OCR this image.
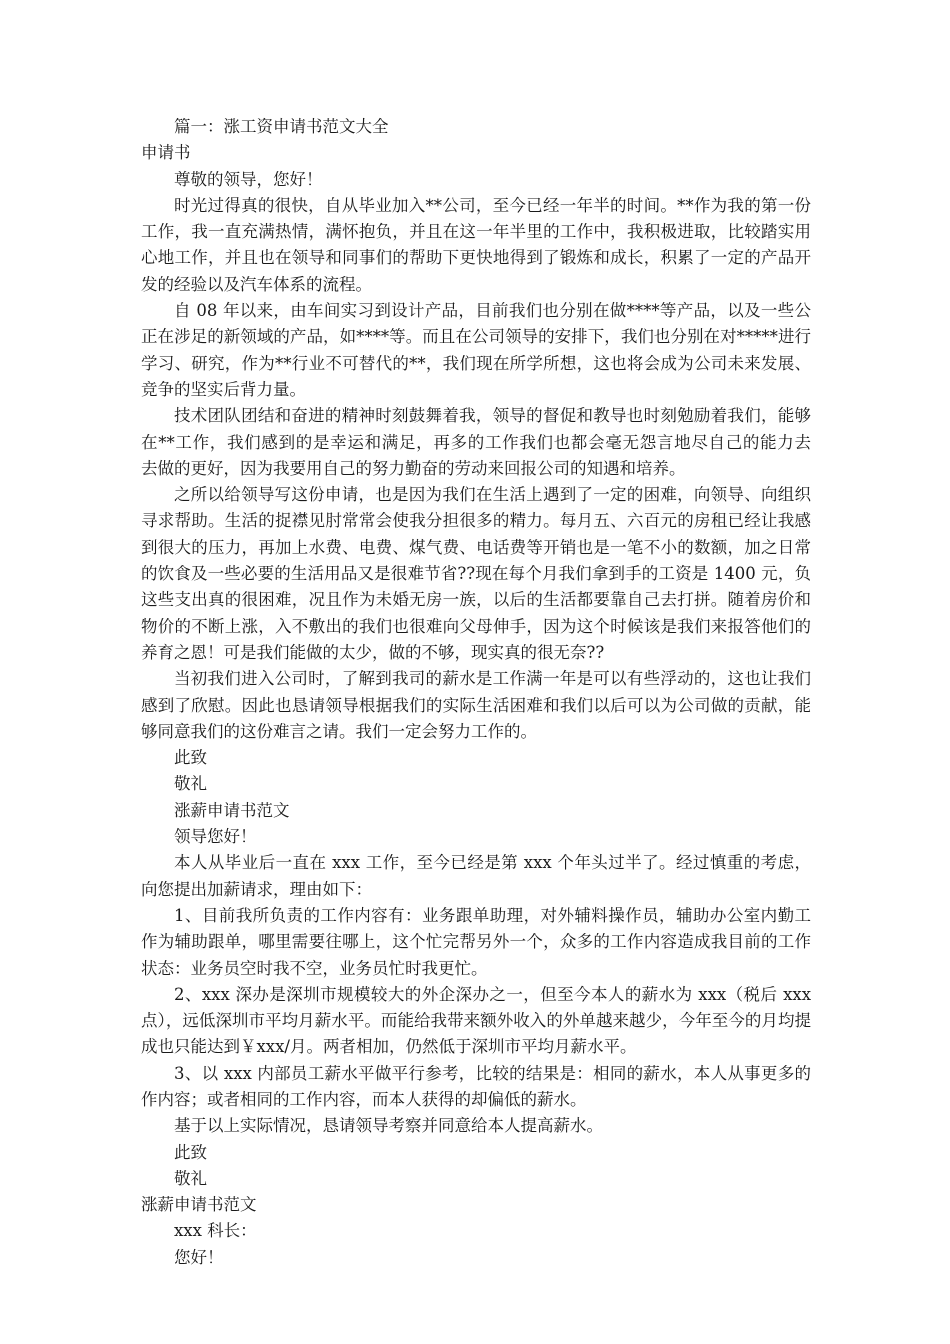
篇一：涨工资申请书范文大全
申请书
尊敬的领导，您好！
时光过得真的很快，自从毕业加入**公司，至今已经一年半的时间。**作为我的第一份
工作，我一直充满热情，满怀抱负，并且在这一年半里的工作中，我积极进取，比较踏实用
心地工作，并且也在领导和同事们的帮助下更快地得到了锻炼和成长，积累了一定的产品开
发的经验以及汽车体系的流程。
自 08 年以来，由车间实习到设计产品，目前我们也分别在做****等产品，以及一些公
正在涉足的新领域的产品，如****等。而且在公司领导的安排下，我们也分别在对*****进行
学习、研究，作为**行业不可替代的**，我们现在所学所想，这也将会成为公司未来发展、
竞争的坚实后背力量。
技术团队团结和奋进的精神时刻鼓舞着我，领导的督促和教导也时刻勉励着我们，能够
在**工作，我们感到的是幸运和满足，再多的工作我们也都会毫无怨言地尽自己的能力去
去做的更好，因为我要用自己的努力勤奋的劳动来回报公司的知遇和培养。
之所以给领导写这份申请，也是因为我们在生活上遇到了一定的困难，向领导、向组织
寻求帮助。生活的捉襟见肘常常会使我分担很多的精力。每月五、六百元的房租已经让我感
到很大的压力，再加上水费、电费、煤气费、电话费等开销也是一笔不小的数额，加之日常
的饮食及一些必要的生活用品又是很难节省??现在每个月我们拿到手的工资是 1400 元，负
这些支出真的很困难，况且作为未婚无房一族，以后的生活都要靠自己去打拼。随着房价和
物价的不断上涨，入不敷出的我们也很难向父母伸手，因为这个时候该是我们来报答他们的
养育之恩！可是我们能做的太少，做的不够，现实真的很无奈??
当初我们进入公司时，了解到我司的薪水是工作满一年是可以有些浮动的，这也让我们
感到了欣慰。因此也恳请领导根据我们的实际生活困难和我们以后可以为公司做的贡献，能
够同意我们的这份难言之请。我们一定会努力工作的。
此致
敬礼
涨薪申请书范文
领导您好！
本人从毕业后一直在 xxx 工作，至今已经是第 xxx 个年头过半了。经过慎重的考虑，
向您提出加薪请求，理由如下：
1、目前我所负责的工作内容有：业务跟单助理，对外辅料操作员，辅助办公室内勤工
作为辅助跟单，哪里需要往哪上，这个忙完帮另外一个，众多的工作内容造成我目前的工作
状态：业务员空时我不空，业务员忙时我更忙。
2、xxx 深办是深圳市规模较大的外企深办之一，但至今本人的薪水为 xxx（税后 xxx
点），远低深圳市平均月薪水平。而能给我带来额外收入的外单越来越少，今年至今的月均提
成也只能达到￥xxx/月。两者相加，仍然低于深圳市平均月薪水平。
3、以 xxx 内部员工薪水平做平行参考，比较的结果是：相同的薪水，本人从事更多的
作内容；或者相同的工作内容，而本人获得的却偏低的薪水。
基于以上实际情况，恳请领导考察并同意给本人提高薪水。
此致
敬礼
涨薪申请书范文
xxx 科长：
您好！
